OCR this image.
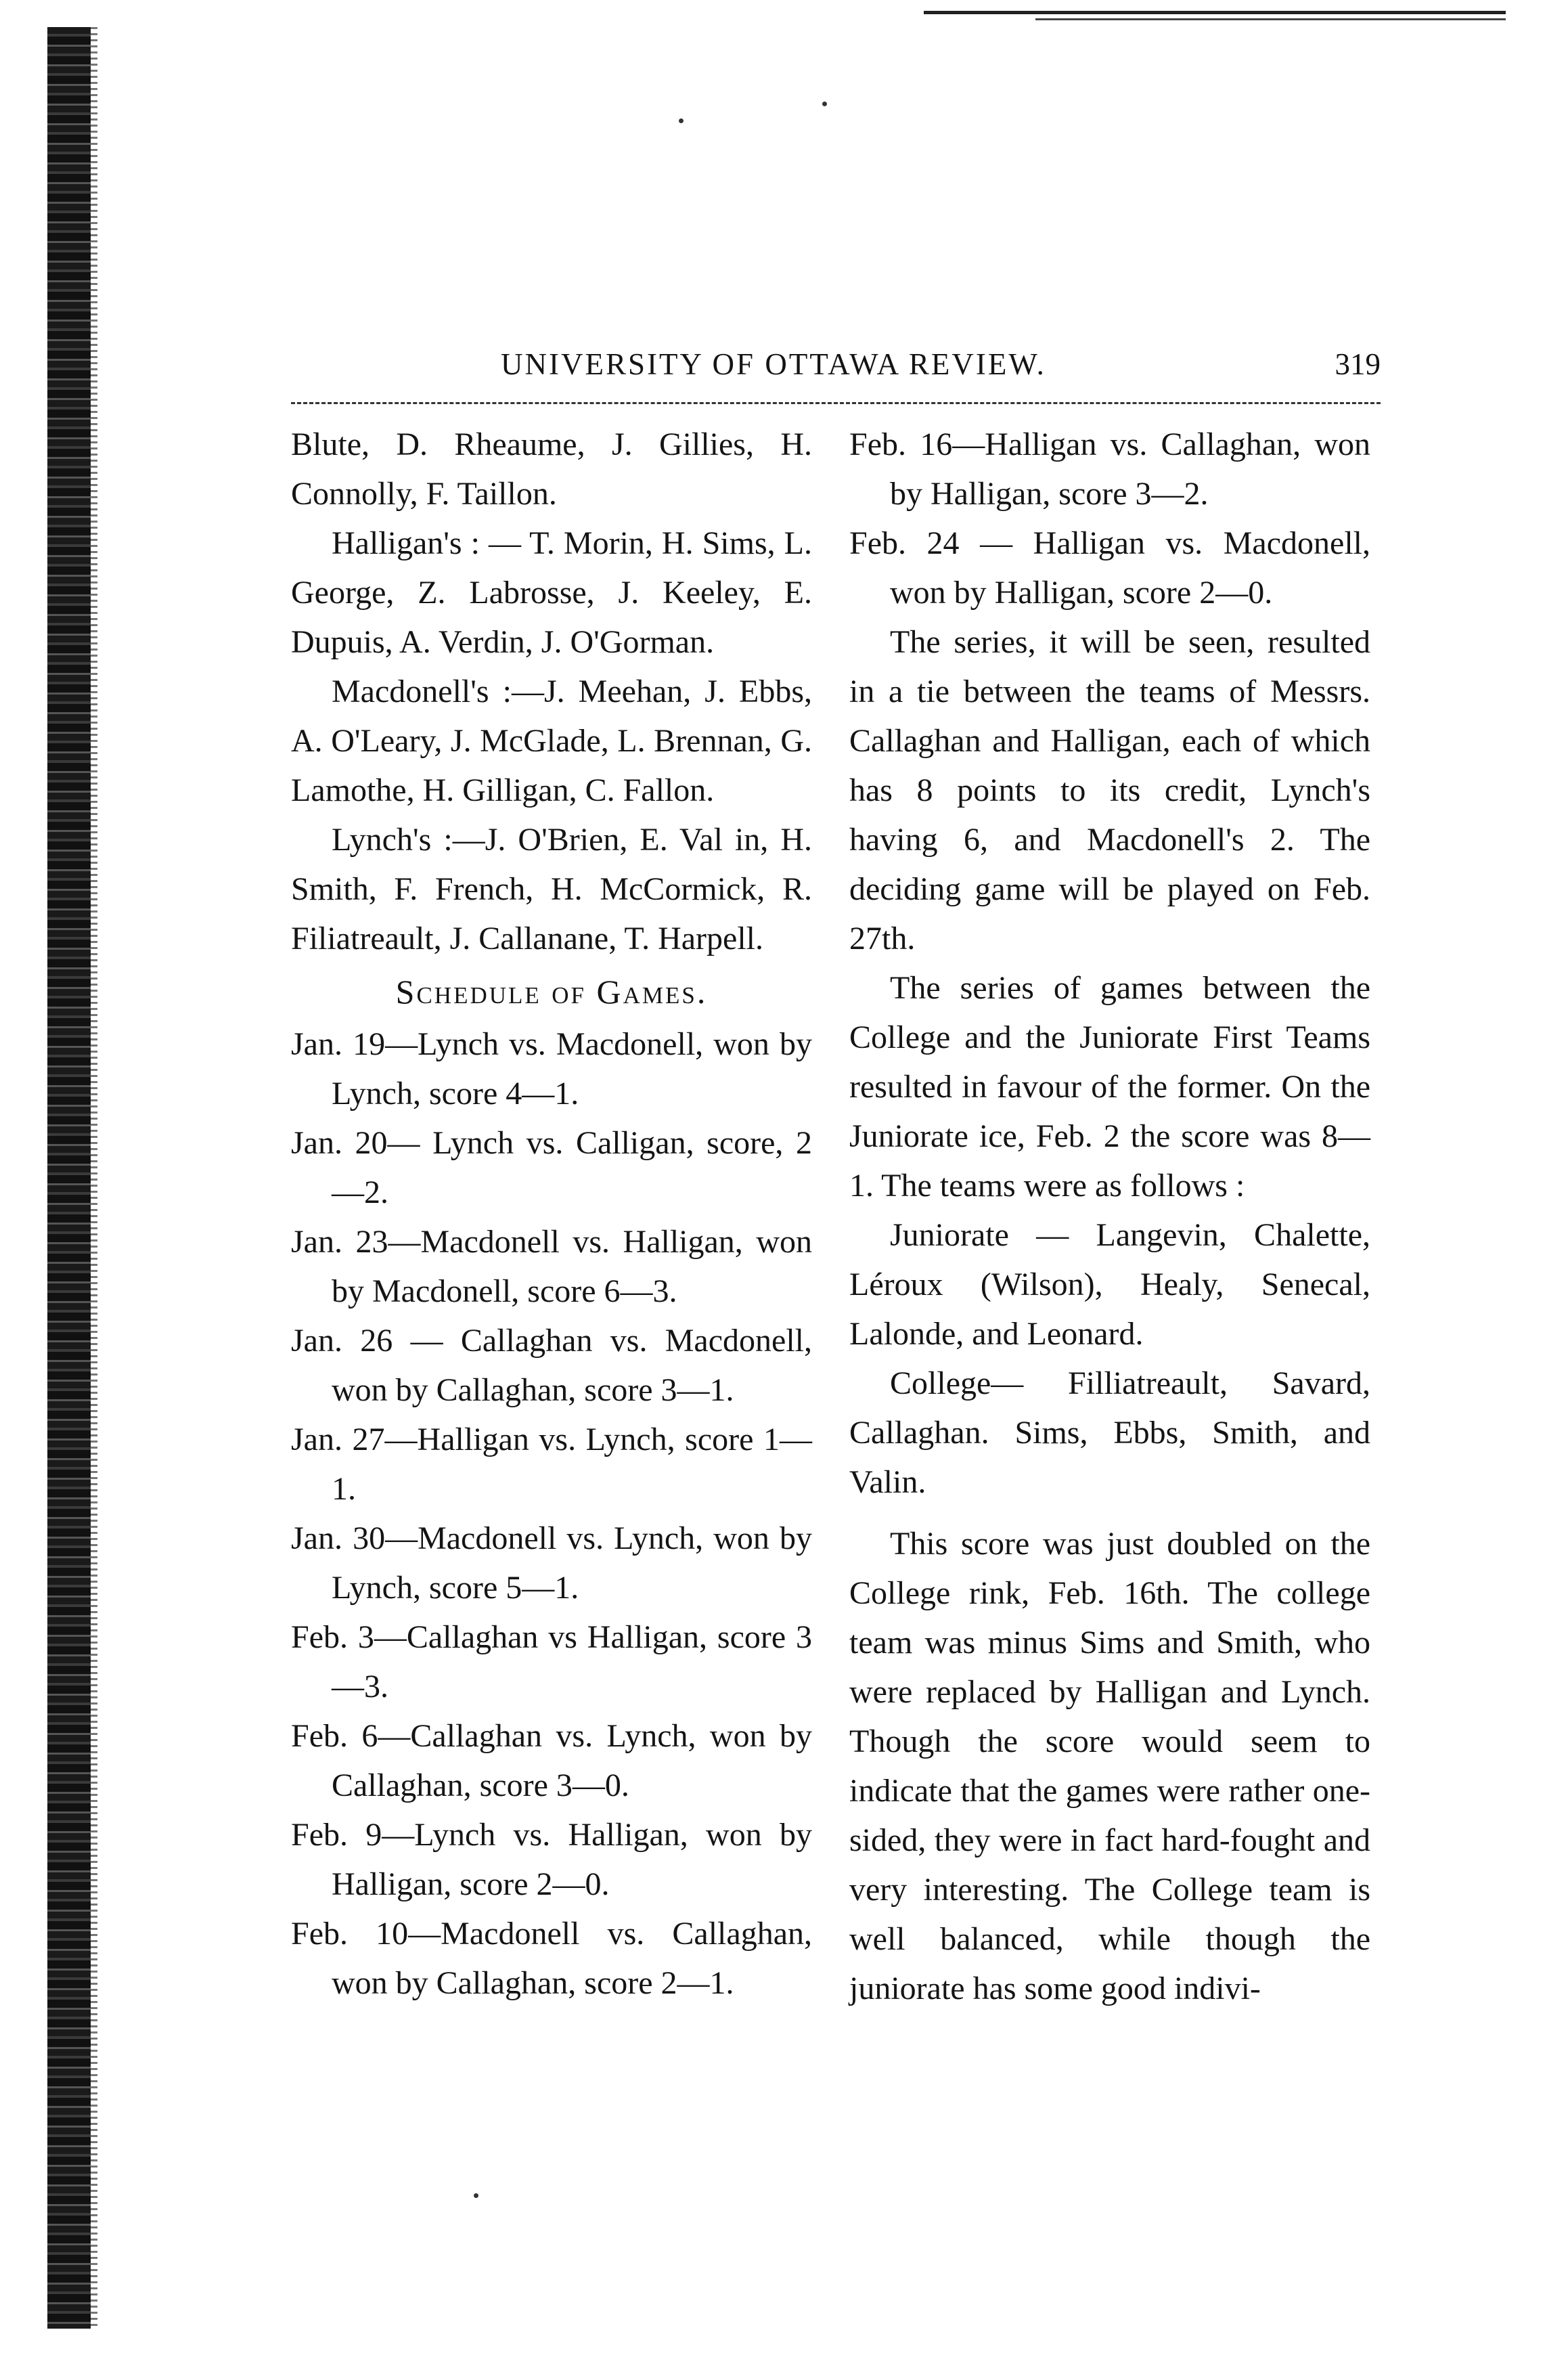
UNIVERSITY OF OTTAWA REVIEW.	319

Blute, D. Rheaume, J. Gillies, H. Connolly, F. Taillon.

Halligan's : — T. Morin, H. Sims, L. George, Z. Labrosse, J. Keeley, E. Dupuis, A. Verdin, J. O'Gorman.

Macdonell's :—J. Meehan, J. Ebbs, A. O'Leary, J. McGlade, L. Brennan, G. Lamothe, H. Gilligan, C. Fallon.

Lynch's :—J. O'Brien, E. Val in, H. Smith, F. French, H. McCormick, R. Filiatreault, J. Callanane, T. Harpell.

Schedule of Games.

Jan. 19—Lynch vs. Macdonell, won by Lynch, score 4—1.

Jan. 20— Lynch vs. Calligan, score, 2—2.

Jan. 23—Macdonell vs. Halligan, won by Macdonell, score 6—3.

Jan. 26 — Callaghan vs. Macdonell, won by Callaghan, score 3—1.

Jan. 27—Halligan vs. Lynch, score 1—1.

Jan. 30—Macdonell vs. Lynch, won by Lynch, score 5—1.

Feb. 3—Callaghan vs Halligan, score 3—3.

Feb. 6—Callaghan vs. Lynch, won by Callaghan, score 3—0.

Feb. 9—Lynch vs. Halligan, won by Halligan, score 2—0.

Feb. 10—Macdonell vs. Callaghan, won by Callaghan, score 2—1.

Feb. 16—Halligan vs. Callaghan, won by Halligan, score 3—2.

Feb. 24 — Halligan vs. Macdonell, won by Halligan, score 2—0.

The series, it will be seen, resulted in a tie between the teams of Messrs. Callaghan and Halligan, each of which has 8 points to its credit, Lynch's having 6, and Macdonell's 2. The deciding game will be played on Feb. 27th.

The series of games between the College and the Juniorate First Teams resulted in favour of the former. On the Juniorate ice, Feb. 2 the score was 8—1. The teams were as follows :

Juniorate — Langevin, Chalette, Léroux (Wilson), Healy, Senecal, Lalonde, and Leonard.

College— Filliatreault, Savard, Callaghan. Sims, Ebbs, Smith, and Valin.

This score was just doubled on the College rink, Feb. 16th. The college team was minus Sims and Smith, who were replaced by Halligan and Lynch. Though the score would seem to indicate that the games were rather one-sided, they were in fact hard-fought and very interesting. The College team is well balanced, while though the juniorate has some good indivi-
